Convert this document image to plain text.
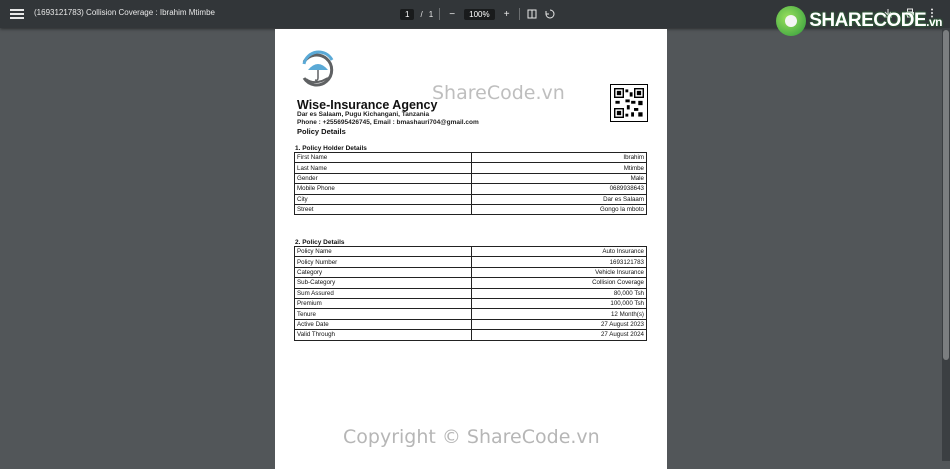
(1693121783) Collision Coverage : Ibrahim Mtimbe	1	/ 1	−	100%	+	SHARECODE.vn
Wise-Insurance Agency
Dar es Salaam, Pugu Kichangani, Tanzania
Phone : +255695426745, Email : bmashauri704@gmail.com
Policy Details
1. Policy Holder Details
First Name	Ibrahim
Last Name	Mtimbe
Gender	Male
Mobile Phone	0689938643
City	Dar es Salaam
Street	Gongo la mboto
2. Policy Details
Policy Name	Auto Insurance
Policy Number	1693121783
Category	Vehicle Insurance
Sub-Category	Collision Coverage
Sum Assured	80,000 Tsh
Premium	100,000 Tsh
Tenure	12 Month(s)
Active Date	27 August 2023
Valid Through	27 August 2024
ShareCode.vn
Copyright © ShareCode.vn
